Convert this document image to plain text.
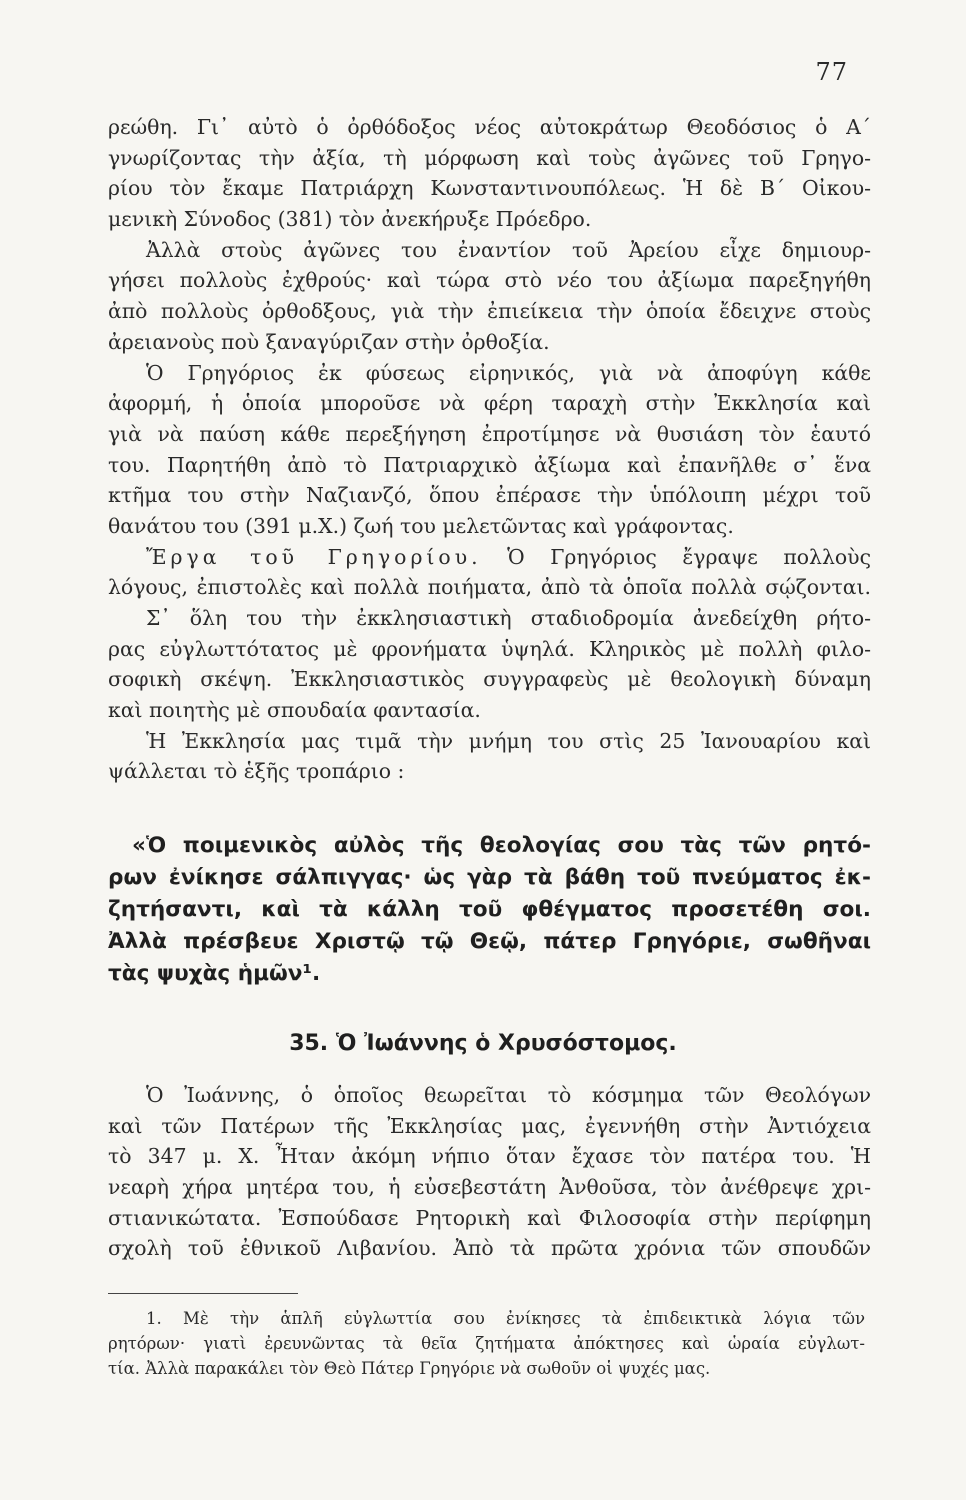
77
ρεώθη. Γι᾽ αὐτὸ ὁ ὀρθόδοξος νέος αὐτοκράτωρ Θεοδόσιος ὁ Α´
γνωρίζοντας τὴν ἀξία, τὴ μόρφωση καὶ τοὺς ἀγῶνες τοῦ Γρηγο-
ρίου τὸν ἔκαμε Πατριάρχη Κωνσταντινουπόλεως. Ἡ δὲ Β´ Οἰκου-
μενικὴ Σύνοδος (381) τὸν ἀνεκήρυξε Πρόεδρο.
Ἀλλὰ στοὺς ἀγῶνες του ἐναντίον τοῦ Ἀρείου εἶχε δημιουρ-
γήσει πολλοὺς ἐχθρούς· καὶ τώρα στὸ νέο του ἀξίωμα παρεξηγήθη
ἀπὸ πολλοὺς ὀρθοδξους, γιὰ τὴν ἐπιείκεια τὴν ὁποία ἔδειχνε στοὺς
ἀρειανοὺς ποὺ ξαναγύριζαν στὴν ὀρθοξία.
Ὁ Γρηγόριος ἐκ φύσεως εἰρηνικός, γιὰ νὰ ἀποφύγη κάθε
ἀφορμή, ἡ ὁποία μποροῦσε νὰ φέρη ταραχὴ στὴν Ἐκκλησία καὶ
γιὰ νὰ παύση κάθε περεξήγηση ἐπροτίμησε νὰ θυσιάση τὸν ἑαυτό
του. Παρητήθη ἀπὸ τὸ Πατριαρχικὸ ἀξίωμα καὶ ἐπανῆλθε σ᾽ ἕνα
κτῆμα του στὴν Ναζιανζό, ὅπου ἐπέρασε τὴν ὑπόλοιπη μέχρι τοῦ
θανάτου του (391 μ.Χ.) ζωή του μελετῶντας καὶ γράφοντας.
Ἔργα τοῦ Γρηγορίου. Ὁ Γρηγόριος ἔγραψε πολλοὺς
λόγους, ἐπιστολὲς καὶ πολλὰ ποιήματα, ἀπὸ τὰ ὁποῖα πολλὰ σῴζονται.
Σ᾽ ὅλη του τὴν ἐκκλησιαστικὴ σταδιοδρομία ἀνεδείχθη ρήτο-
ρας εὐγλωττότατος μὲ φρονήματα ὑψηλά. Κληρικὸς μὲ πολλὴ φιλο-
σοφικὴ σκέψη. Ἐκκλησιαστικὸς συγγραφεὺς μὲ θεολογικὴ δύναμη
καὶ ποιητὴς μὲ σπουδαία φαντασία.
Ἡ Ἐκκλησία μας τιμᾶ τὴν μνήμη του στὶς 25 Ἰανουαρίου καὶ
ψάλλεται τὸ ἑξῆς τροπάριο :
«Ὁ ποιμενικὸς αὐλὸς τῆς θεολογίας σου τὰς τῶν ρητό-
ρων ἐνίκησε σάλπιγγας· ὡς γὰρ τὰ βάθη τοῦ πνεύματος ἐκ-
ζητήσαντι, καὶ τὰ κάλλη τοῦ φθέγματος προσετέθη σοι.
Ἀλλὰ πρέσβευε Χριστῷ τῷ Θεῷ, πάτερ Γρηγόριε, σωθῆναι
τὰς ψυχὰς ἡμῶν¹.
35. Ὁ Ἰωάννης ὁ Χρυσόστομος.
Ὁ Ἰωάννης, ὁ ὁποῖος θεωρεῖται τὸ κόσμημα τῶν Θεολόγων
καὶ τῶν Πατέρων τῆς Ἐκκλησίας μας, ἐγεννήθη στὴν Ἀντιόχεια
τὸ 347 μ. Χ. Ἦταν ἀκόμη νήπιο ὅταν ἔχασε τὸν πατέρα του. Ἡ
νεαρὴ χήρα μητέρα του, ἡ εὐσεβεστάτη Ἀνθοῦσα, τὸν ἀνέθρεψε χρι-
στιανικώτατα. Ἐσπούδασε Ρητορικὴ καὶ Φιλοσοφία στὴν περίφημη
σχολὴ τοῦ ἐθνικοῦ Λιβανίου. Ἀπὸ τὰ πρῶτα χρόνια τῶν σπουδῶν
1. Μὲ τὴν ἁπλῆ εὐγλωττία σου ἐνίκησες τὰ ἐπιδεικτικὰ λόγια τῶν
ρητόρων· γιατὶ ἐρευνῶντας τὰ θεῖα ζητήματα ἀπόκτησες καὶ ὡραία εὐγλωτ-
τία. Ἀλλὰ παρακάλει τὸν Θεὸ Πάτερ Γρηγόριε νὰ σωθοῦν οἱ ψυχές μας.
